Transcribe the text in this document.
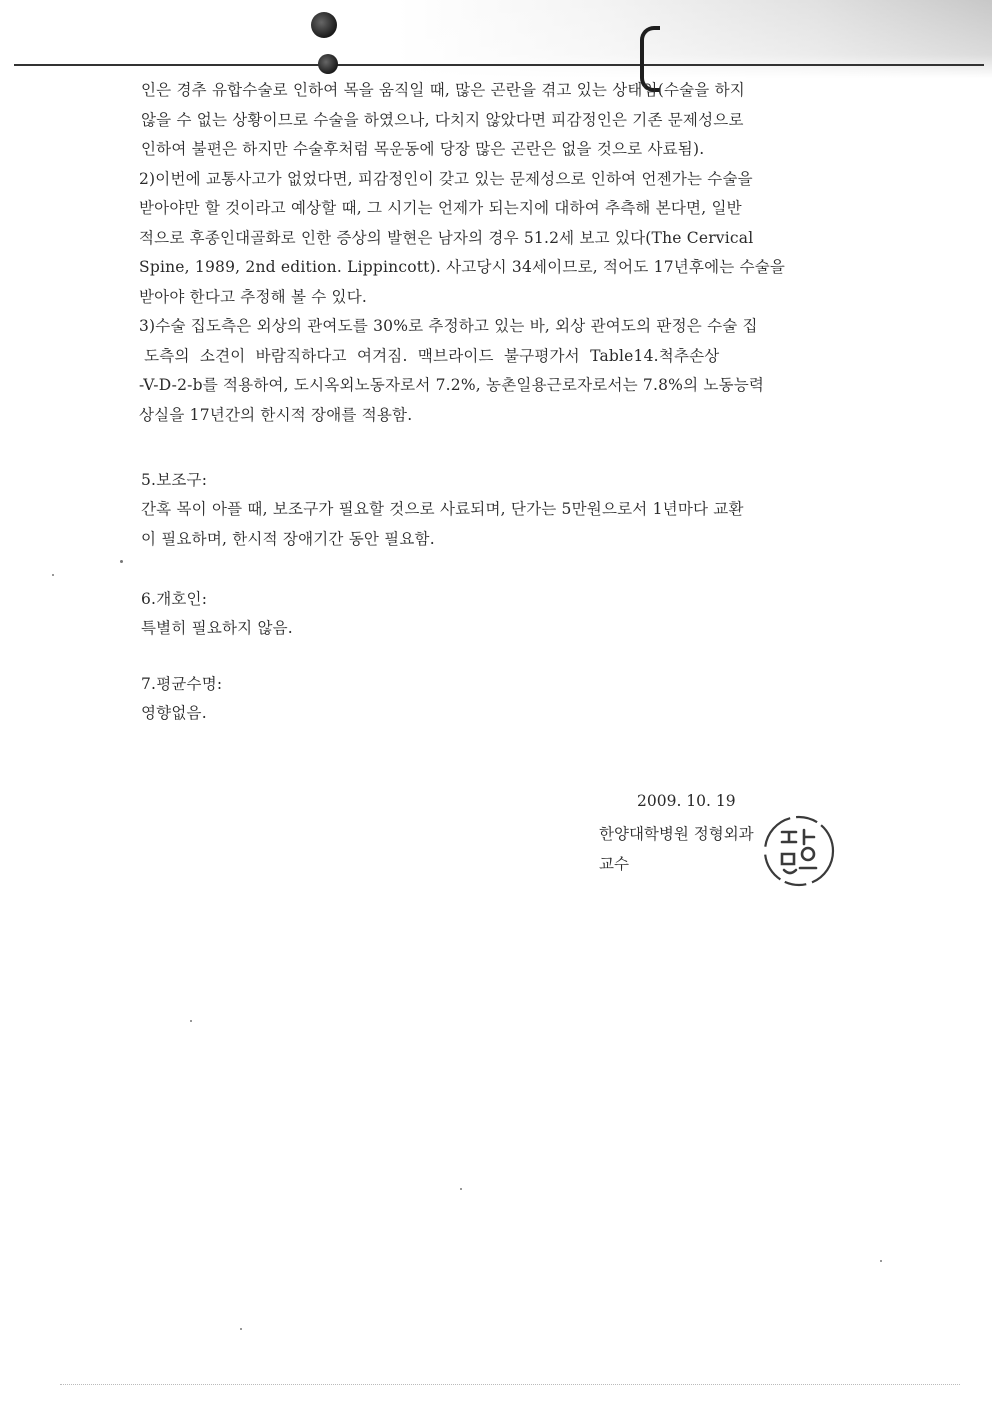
인은 경추 유합수술로 인하여 목을 움직일 때, 많은 곤란을 겪고 있는 상태임(수술을 하지
않을 수 없는 상황이므로 수술을 하였으나, 다치지 않았다면 피감정인은 기존 문제성으로
인하여 불편은 하지만 수술후처럼 목운동에 당장 많은 곤란은 없을 것으로 사료됨).
2)이번에 교통사고가 없었다면, 피감정인이 갖고 있는 문제성으로 인하여 언젠가는 수술을
받아야만 할 것이라고 예상할 때, 그 시기는 언제가 되는지에 대하여 추측해 본다면, 일반
적으로 후종인대골화로 인한 증상의 발현은 남자의 경우 51.2세 보고 있다(The Cervical
Spine, 1989, 2nd edition. Lippincott). 사고당시 34세이므로, 적어도 17년후에는 수술을
받아야 한다고 추정해 볼 수 있다.
3)수술 집도측은 외상의 관여도를 30%로 추정하고 있는 바, 외상 관여도의 판정은 수술 집
도측의  소견이  바람직하다고  여겨짐.  맥브라이드  불구평가서  Table14.척추손상
-V-D-2-b를 적용하여, 도시옥외노동자로서 7.2%, 농촌일용근로자로서는 7.8%의 노동능력
상실을 17년간의 한시적 장애를 적용함.
5.보조구:
간혹 목이 아플 때, 보조구가 필요할 것으로 사료되며, 단가는 5만원으로서 1년마다 교환
이 필요하며, 한시적 장애기간 동안 필요함.
6.개호인:
특별히 필요하지 않음.
7.평균수명:
영향없음.
2009. 10. 19
한양대학병원 정형외과
교수
